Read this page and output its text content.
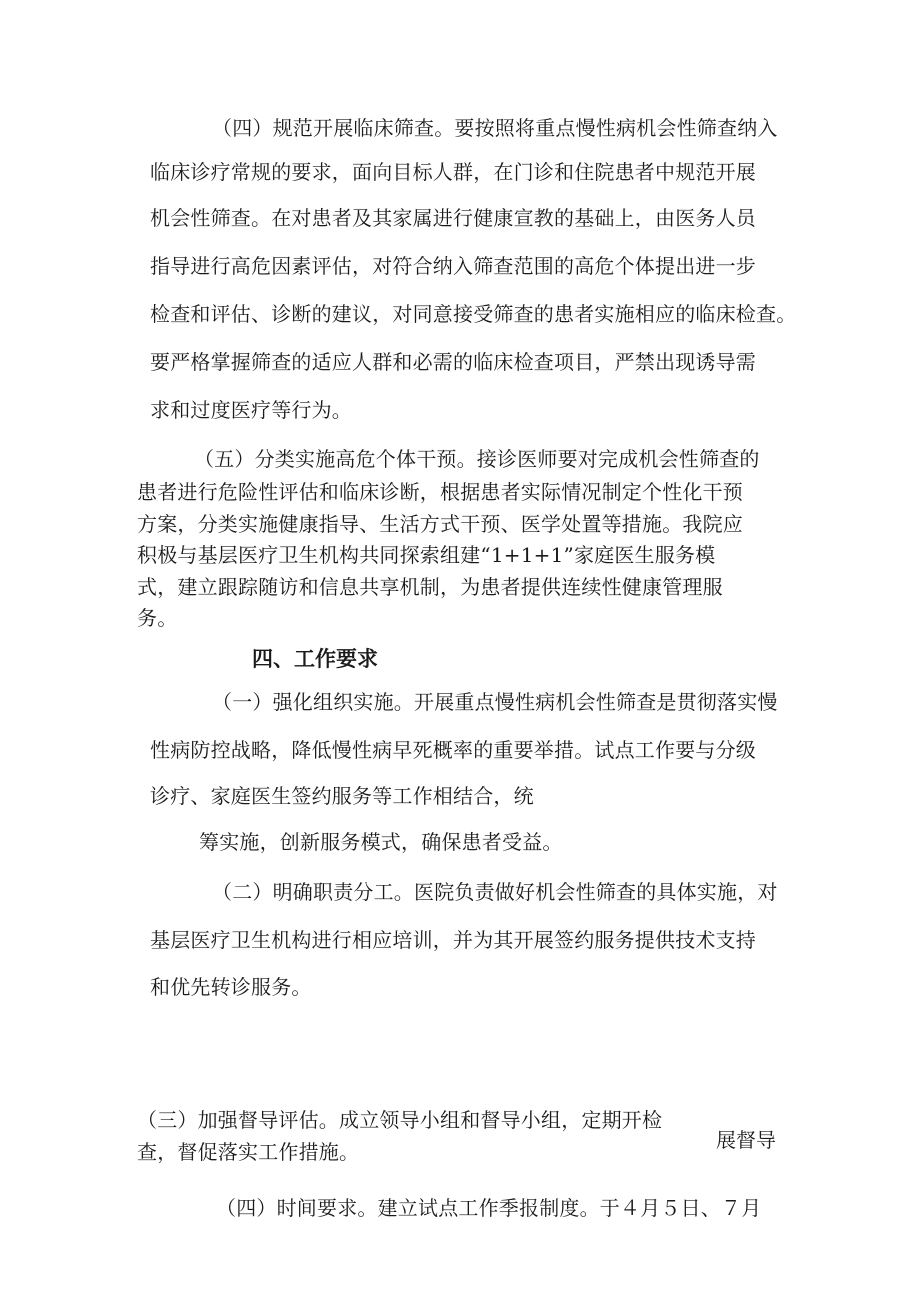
（四）规范开展临床筛查。要按照将重点慢性病机会性筛查纳入
临床诊疗常规的要求，面向目标人群，在门诊和住院患者中规范开展
机会性筛查。在对患者及其家属进行健康宣教的基础上，由医务人员
指导进行高危因素评估，对符合纳入筛查范围的高危个体提出进一步
检查和评估、诊断的建议，对同意接受筛查的患者实施相应的临床检查。
要严格掌握筛查的适应人群和必需的临床检查项目，严禁出现诱导需
求和过度医疗等行为。
（五）分类实施高危个体干预。接诊医师要对完成机会性筛查的
患者进行危险性评估和临床诊断，根据患者实际情况制定个性化干预
方案，分类实施健康指导、生活方式干预、医学处置等措施。我院应
积极与基层医疗卫生机构共同探索组建“1+1+1”家庭医生服务模
式，建立跟踪随访和信息共享机制，为患者提供连续性健康管理服
务。
四、工作要求
（一）强化组织实施。开展重点慢性病机会性筛查是贯彻落实慢
性病防控战略，降低慢性病早死概率的重要举措。试点工作要与分级
诊疗、家庭医生签约服务等工作相结合，统
筹实施，创新服务模式，确保患者受益。
（二）明确职责分工。医院负责做好机会性筛查的具体实施，对
基层医疗卫生机构进行相应培训，并为其开展签约服务提供技术支持
和优先转诊服务。
（三）加强督导评估。成立领导小组和督导小组，定期开检
查，督促落实工作措施。	展督导
（四）时间要求。建立试点工作季报制度。于４月５日、７月
